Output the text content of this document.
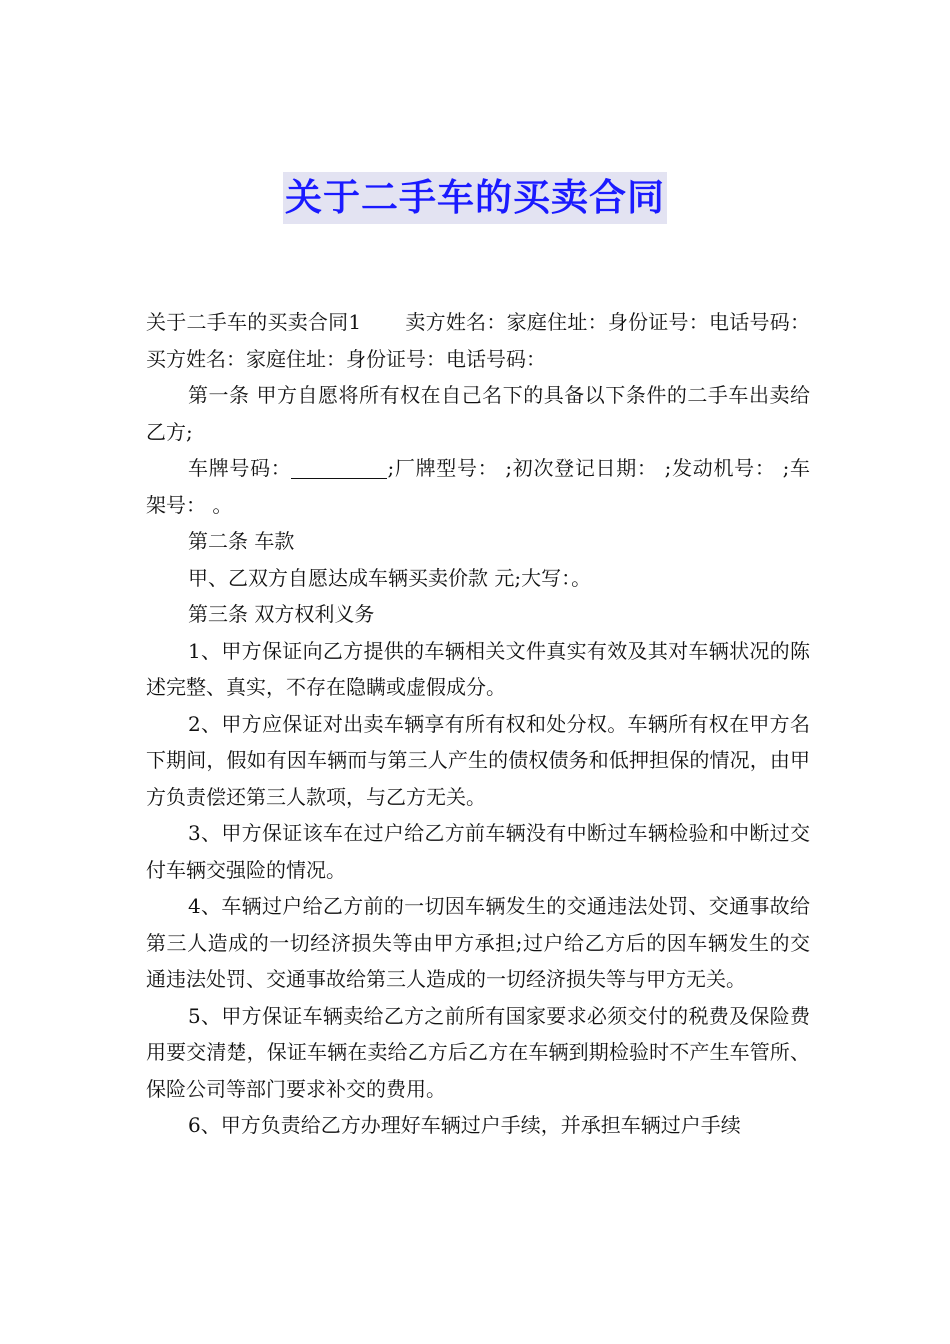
关于二手车的买卖合同

关于二手车的买卖合同1 卖方姓名：家庭住址：身份证号：电话号码：买方姓名：家庭住址：身份证号：电话号码：

第一条 甲方自愿将所有权在自己名下的具备以下条件的二手车出卖给乙方;

车牌号码：	;厂牌型号： ;初次登记日期： ;发动机号： ;车架号： 。

第二条 车款

甲、乙双方自愿达成车辆买卖价款 元;大写：。

第三条 双方权利义务

1、甲方保证向乙方提供的车辆相关文件真实有效及其对车辆状况的陈述完整、真实，不存在隐瞒或虚假成分。

2、甲方应保证对出卖车辆享有所有权和处分权。车辆所有权在甲方名下期间，假如有因车辆而与第三人产生的债权债务和低押担保的情况，由甲方负责偿还第三人款项，与乙方无关。

3、甲方保证该车在过户给乙方前车辆没有中断过车辆检验和中断过交付车辆交强险的情况。

4、车辆过户给乙方前的一切因车辆发生的交通违法处罚、交通事故给第三人造成的一切经济损失等由甲方承担;过户给乙方后的因车辆发生的交通违法处罚、交通事故给第三人造成的一切经济损失等与甲方无关。

5、甲方保证车辆卖给乙方之前所有国家要求必须交付的税费及保险费用要交清楚，保证车辆在卖给乙方后乙方在车辆到期检验时不产生车管所、保险公司等部门要求补交的费用。

6、甲方负责给乙方办理好车辆过户手续，并承担车辆过户手续
